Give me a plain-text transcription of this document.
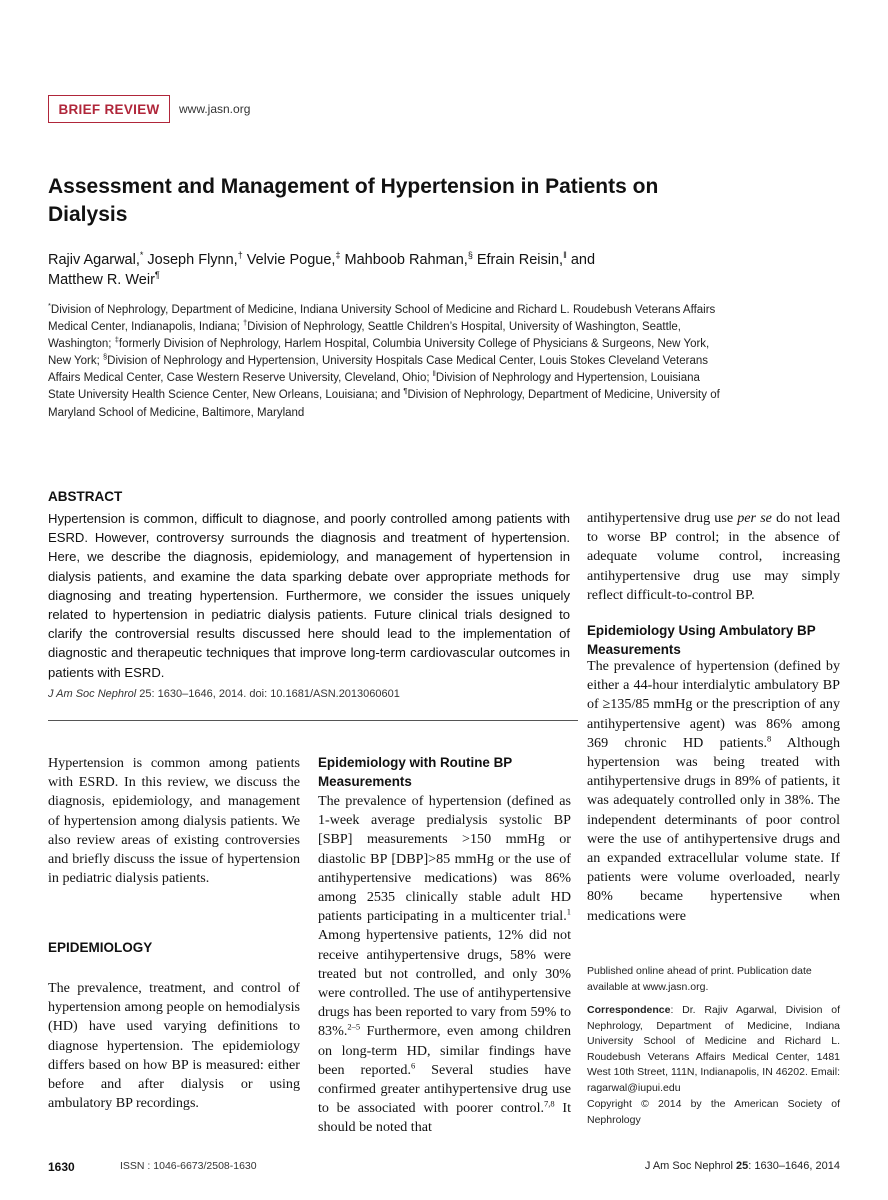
BRIEF REVIEW	www.jasn.org
Assessment and Management of Hypertension in Patients on Dialysis
Rajiv Agarwal,* Joseph Flynn,† Velvie Pogue,‡ Mahboob Rahman,§ Efrain Reisin,‖ and
Matthew R. Weir¶
*Division of Nephrology, Department of Medicine, Indiana University School of Medicine and Richard L. Roudebush Veterans Affairs Medical Center, Indianapolis, Indiana; †Division of Nephrology, Seattle Children’s Hospital, University of Washington, Seattle, Washington; ‡formerly Division of Nephrology, Harlem Hospital, Columbia University College of Physicians & Surgeons, New York, New York; §Division of Nephrology and Hypertension, University Hospitals Case Medical Center, Louis Stokes Cleveland Veterans Affairs Medical Center, Case Western Reserve University, Cleveland, Ohio; ‖Division of Nephrology and Hypertension, Louisiana State University Health Science Center, New Orleans, Louisiana; and ¶Division of Nephrology, Department of Medicine, University of Maryland School of Medicine, Baltimore, Maryland
ABSTRACT

Hypertension is common, difficult to diagnose, and poorly controlled among patients with ESRD. However, controversy surrounds the diagnosis and treatment of hypertension. Here, we describe the diagnosis, epidemiology, and management of hypertension in dialysis patients, and examine the data sparking debate over appropriate methods for diagnosing and treating hypertension. Furthermore, we consider the issues uniquely related to hypertension in pediatric dialysis patients. Future clinical trials designed to clarify the controversial results discussed here should lead to the implementation of diagnostic and therapeutic techniques that improve long-term cardiovascular outcomes in patients with ESRD.

J Am Soc Nephrol 25: 1630–1646, 2014. doi: 10.1681/ASN.2013060601

Hypertension is common among patients with ESRD. In this review, we discuss the diagnosis, epidemiology, and management of hypertension among dialysis patients. We also review areas of existing controversies and briefly discuss the issue of hypertension in pediatric dialysis patients.

EPIDEMIOLOGY

The prevalence, treatment, and control of hypertension among people on hemodialysis (HD) have used varying definitions to diagnose hypertension. The epidemiology differs based on how BP is measured: either before and after dialysis or using ambulatory BP recordings.

Epidemiology with Routine BP Measurements

The prevalence of hypertension (defined as 1-week average predialysis systolic BP [SBP] measurements >150 mmHg or diastolic BP [DBP]>85 mmHg or the use of antihypertensive medications) was 86% among 2535 clinically stable adult HD patients participating in a multicenter trial.$^1$ Among hypertensive patients, 12% did not receive antihypertensive drugs, 58% were treated but not controlled, and only 30% were controlled. The use of antihypertensive drugs has been reported to vary from 59% to 83%.$^{2-5}$ Furthermore, even among children on long-term HD, similar findings have been reported.$^6$ Several studies have confirmed greater antihypertensive drug use to be associated with poorer control.$^{7,8}$ It should be noted that

antihypertensive drug use per se do not lead to worse BP control; in the absence of adequate volume control, increasing antihypertensive drug use may simply reflect difficult-to-control BP.

Epidemiology Using Ambulatory BP Measurements

The prevalence of hypertension (defined by either a 44-hour interdialytic ambulatory BP of ≥135/85 mmHg or the prescription of any antihypertensive agent) was 86% among 369 chronic HD patients.$^8$ Although hypertension was being treated with antihypertensive drugs in 89% of patients, it was adequately controlled only in 38%. The independent determinants of poor control were the use of antihypertensive drugs and an expanded extracellular volume state. If patients were volume overloaded, nearly 80% became hypertensive when medications were

Published online ahead of print. Publication date available at www.jasn.org.

Correspondence: Dr. Rajiv Agarwal, Division of Nephrology, Department of Medicine, Indiana University School of Medicine and Richard L. Roudebush Veterans Affairs Medical Center, 1481 West 10th Street, 111N, Indianapolis, IN 46202. Email: ragarwal@iupui.edu

Copyright © 2014 by the American Society of Nephrology

1630	ISSN : 1046-6673/2508-1630	J Am Soc Nephrol 25: 1630–1646, 2014
